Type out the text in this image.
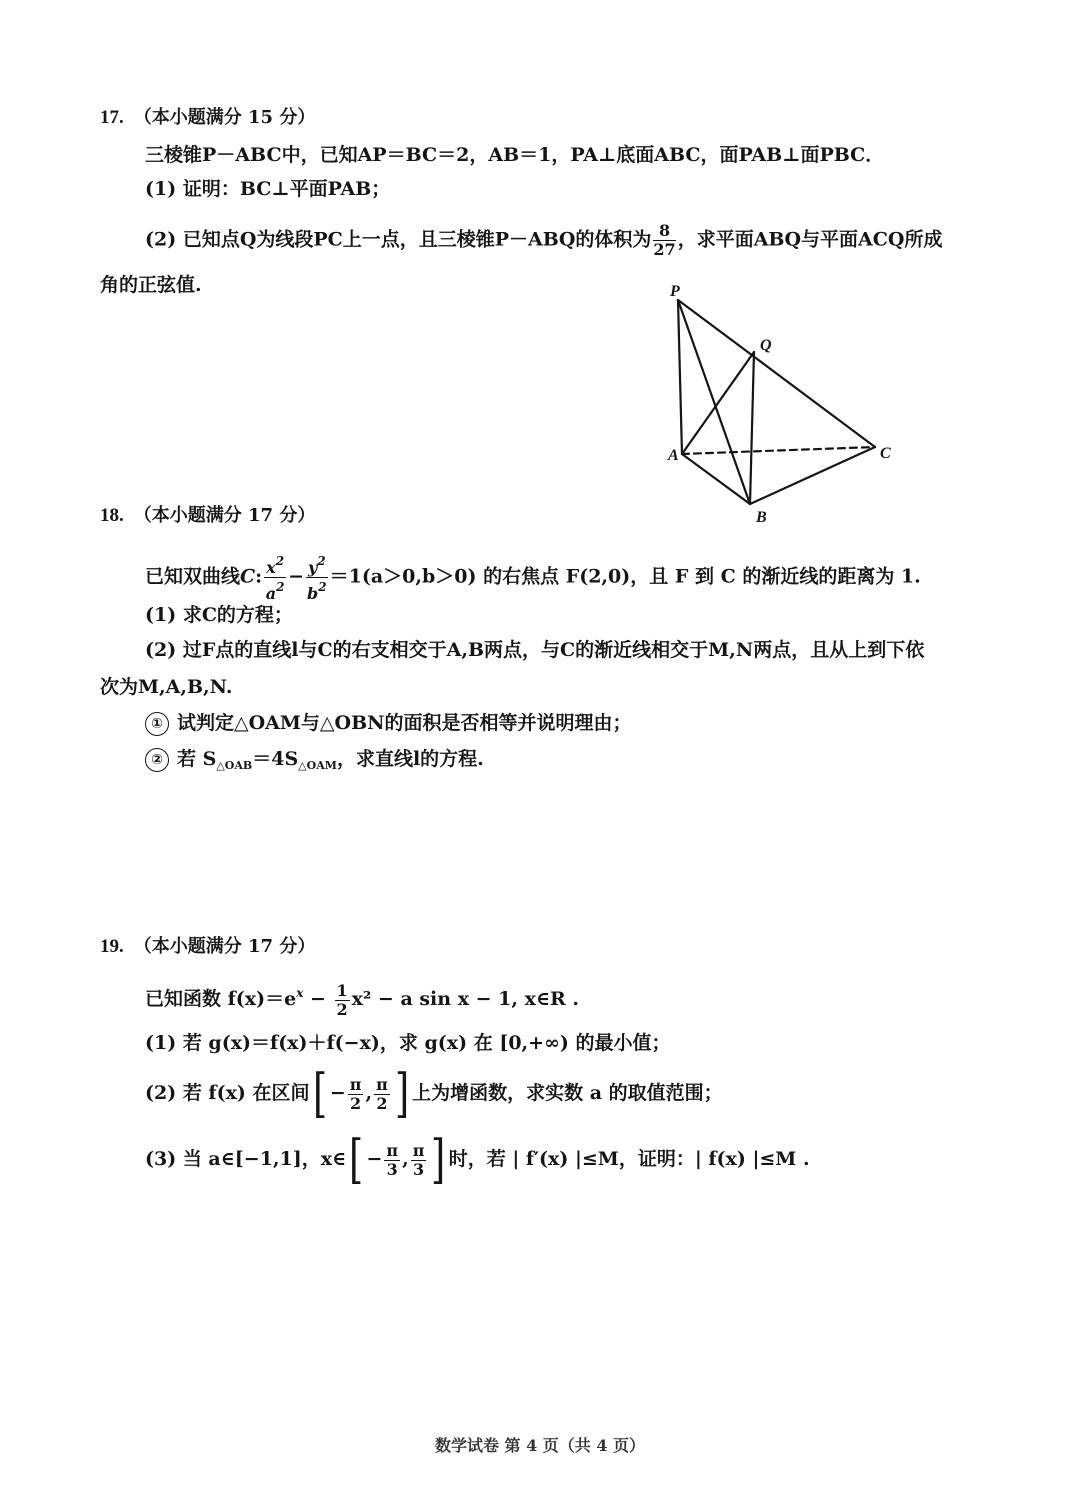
17. （本小题满分 15 分）
三棱锥P－ABC中，已知AP＝BC＝2，AB＝1，PA⊥底面ABC，面PAB⊥面PBC．
(1) 证明：BC⊥平面PAB；
(2) 已知点Q为线段PC上一点，且三棱锥P－ABQ的体积为 $\frac{8}{27}$ ，求平面ABQ与平面ACQ所成
角的正弦值.	P
Q
A	C
B
18. （本小题满分 17 分）
已知双曲线C: $\frac{x^2}{a^2} - \frac{y^2}{b^2} =1(a>0,b>0)$ 的右焦点 F(2,0)，且 F 到 C 的渐近线的距离为 1.
(1) 求C的方程；
(2) 过F点的直线l与C的右支相交于A,B两点，与C的渐近线相交于M,N两点，且从上到下依
次为M,A,B,N.
① 试判定△OAM与△OBN的面积是否相等并说明理由；
② 若 $S_{\triangle OAB}=4S_{\triangle OAM}$，求直线l的方程.
19. （本小题满分 17 分）
已知函数 $f(x)=e^x - \frac{1}{2} x^2 - a$ sin x − 1, x∈R .
(1) 若 g(x)＝f(x)＋f(−x)，求 g(x) 在 [0,+∞) 的最小值；
(2) 若 f(x) 在区间[ − $\frac{\pi}{2}$ , $\frac{\pi}{2}$ ] 上为增函数，求实数 a 的取值范围；
(3) 当 a∈[−1,1]，x∈[ − $\frac{\pi}{3}$ , $\frac{\pi}{3}$ ] 时，若 | f′(x) |≤M，证明：| f(x) |≤M .
数学试卷 第 4 页（共 4 页）
